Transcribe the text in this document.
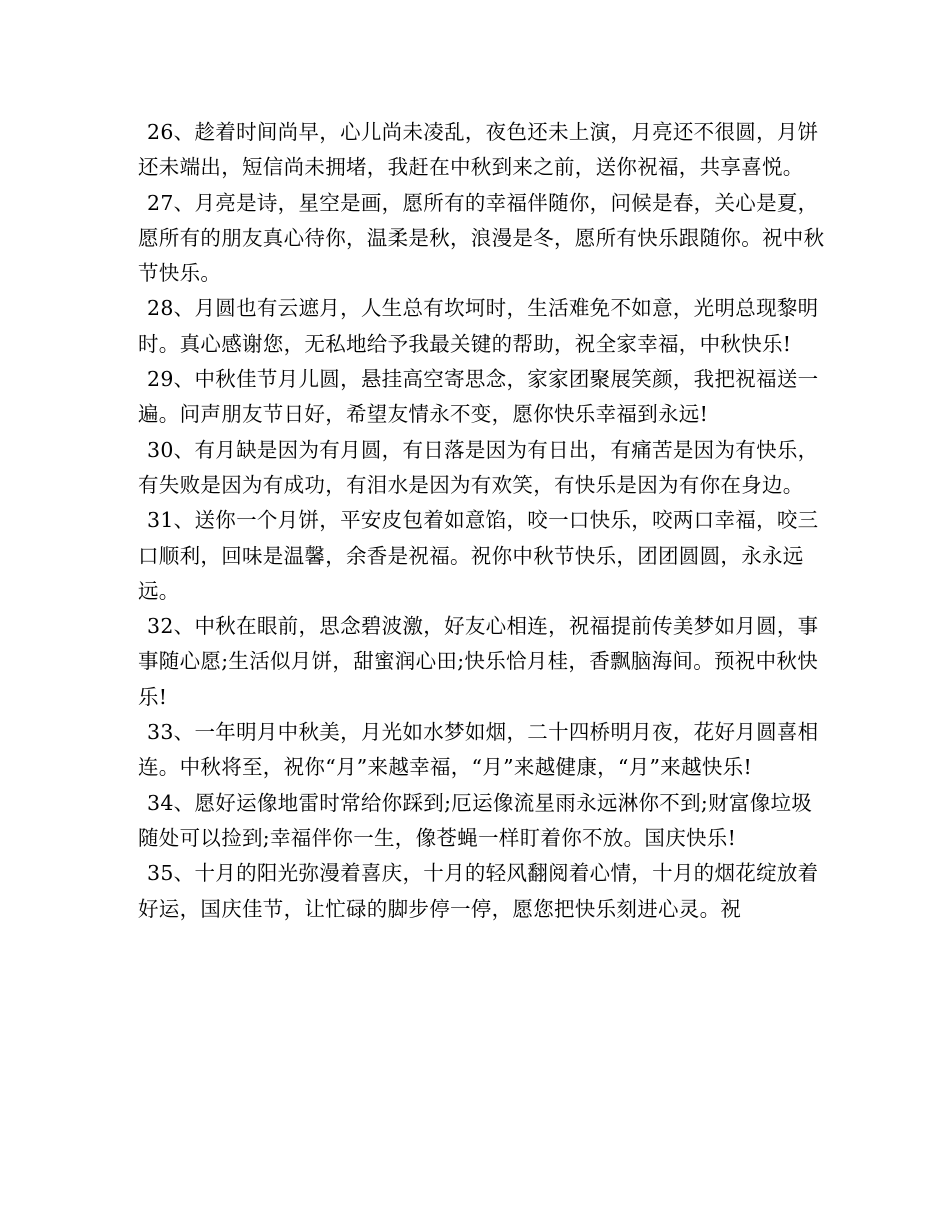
26、趁着时间尚早，心儿尚未凌乱，夜色还未上演，月亮还不很圆，月饼还未端出，短信尚未拥堵，我赶在中秋到来之前，送你祝福，共享喜悦。

27、月亮是诗，星空是画，愿所有的幸福伴随你，问候是春，关心是夏，愿所有的朋友真心待你，温柔是秋，浪漫是冬，愿所有快乐跟随你。祝中秋节快乐。

28、月圆也有云遮月，人生总有坎坷时，生活难免不如意，光明总现黎明时。真心感谢您，无私地给予我最关键的帮助，祝全家幸福，中秋快乐!

29、中秋佳节月儿圆，悬挂高空寄思念，家家团聚展笑颜，我把祝福送一遍。问声朋友节日好，希望友情永不变，愿你快乐幸福到永远!

30、有月缺是因为有月圆，有日落是因为有日出，有痛苦是因为有快乐，有失败是因为有成功，有泪水是因为有欢笑，有快乐是因为有你在身边。

31、送你一个月饼，平安皮包着如意馅，咬一口快乐，咬两口幸福，咬三口顺利，回味是温馨，余香是祝福。祝你中秋节快乐，团团圆圆，永永远远。

32、中秋在眼前，思念碧波激，好友心相连，祝福提前传美梦如月圆，事事随心愿;生活似月饼，甜蜜润心田;快乐恰月桂，香飘脑海间。预祝中秋快乐!

33、一年明月中秋美，月光如水梦如烟，二十四桥明月夜，花好月圆喜相连。中秋将至，祝你“月”来越幸福，“月”来越健康，“月”来越快乐!

34、愿好运像地雷时常给你踩到;厄运像流星雨永远淋你不到;财富像垃圾随处可以捡到;幸福伴你一生，像苍蝇一样盯着你不放。国庆快乐!

35、十月的阳光弥漫着喜庆，十月的轻风翻阅着心情，十月的烟花绽放着好运，国庆佳节，让忙碌的脚步停一停，愿您把快乐刻进心灵。祝
